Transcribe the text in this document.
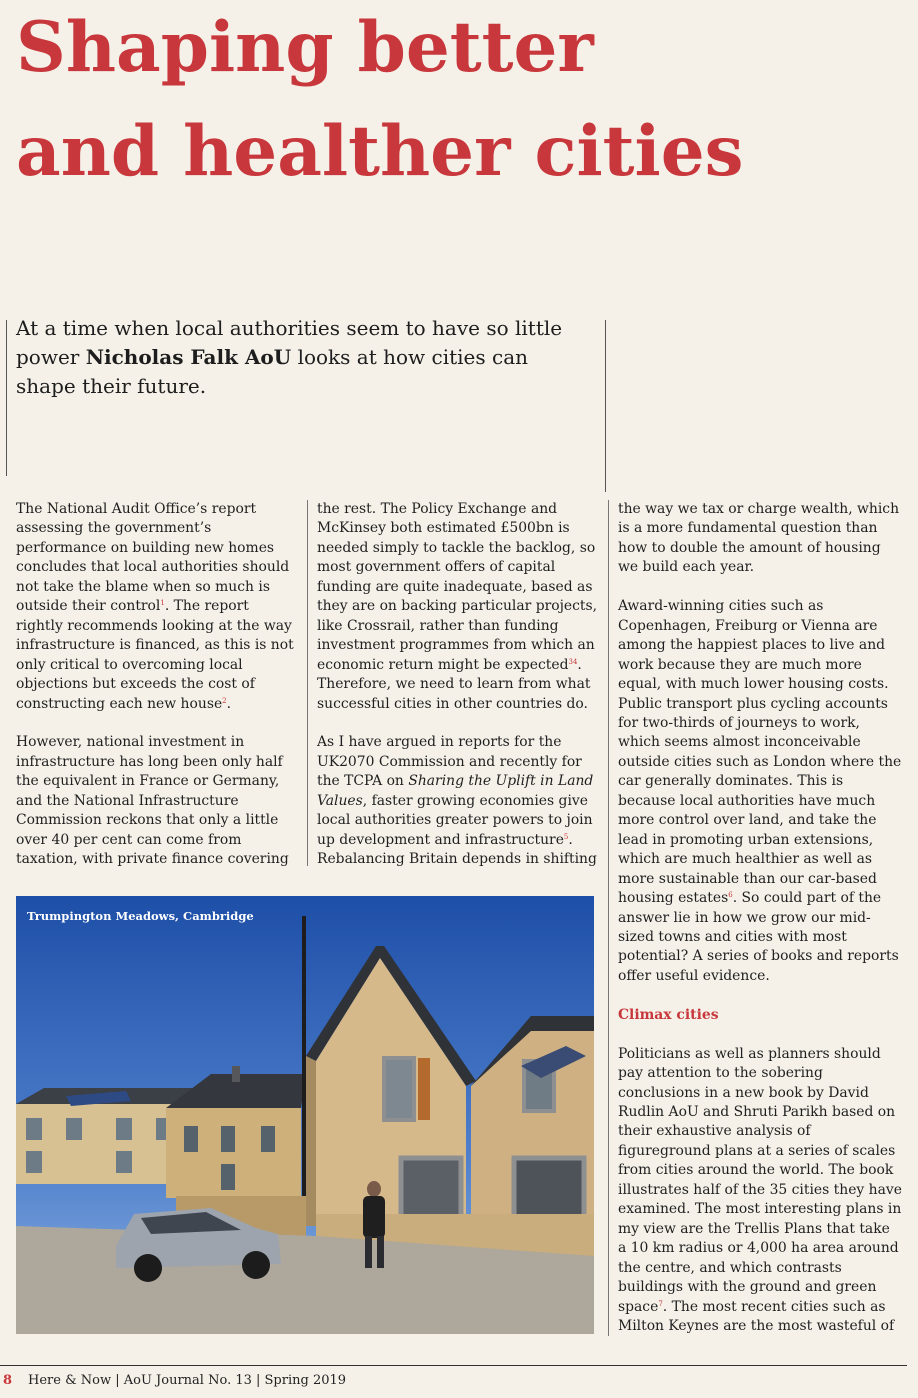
Shaping better
and healther cities

At a time when local authorities seem to have so little power Nicholas Falk AoU looks at how cities can shape their future.

The National Audit Office’s report assessing the government’s performance on building new homes concludes that local authorities should not take the blame when so much is outside their control$^1$. The report rightly recommends looking at the way infrastructure is financed, as this is not only critical to overcoming local objections but exceeds the cost of constructing each new house$^2$.

However, national investment in infrastructure has long been only half the equivalent in France or Germany, and the National Infrastructure Commission reckons that only a little over 40 per cent can come from taxation, with private finance covering

the rest. The Policy Exchange and McKinsey both estimated £500bn is needed simply to tackle the backlog, so most government offers of capital funding are quite inadequate, based as they are on backing particular projects, like Crossrail, rather than funding investment programmes from which an economic return might be expected$^{34}$. Therefore, we need to learn from what successful cities in other countries do.

As I have argued in reports for the UK2070 Commission and recently for the TCPA on Sharing the Uplift in Land Values, faster growing economies give local authorities greater powers to join up development and infrastructure$^5$. Rebalancing Britain depends in shifting

the way we tax or charge wealth, which is a more fundamental question than how to double the amount of housing we build each year.

Award-winning cities such as Copenhagen, Freiburg or Vienna are among the happiest places to live and work because they are much more equal, with much lower housing costs. Public transport plus cycling accounts for two-thirds of journeys to work, which seems almost inconceivable outside cities such as London where the car generally dominates. This is because local authorities have much more control over land, and take the lead in promoting urban extensions, which are much healthier as well as more sustainable than our car-based housing estates$^6$. So could part of the answer lie in how we grow our mid-sized towns and cities with most potential? A series of books and reports offer useful evidence.

Climax cities

Politicians as well as planners should pay attention to the sobering conclusions in a new book by David Rudlin AoU and Shruti Parikh based on their exhaustive analysis of figureground plans at a series of scales from cities around the world. The book illustrates half of the 35 cities they have examined. The most interesting plans in my view are the Trellis Plans that take a 10 km radius or 4,000 ha area around the centre, and which contrasts buildings with the ground and green space$^7$. The most recent cities such as Milton Keynes are the most wasteful of

Trumpington Meadows, Cambridge

8 Here & Now | AoU Journal No. 13 | Spring 2019
